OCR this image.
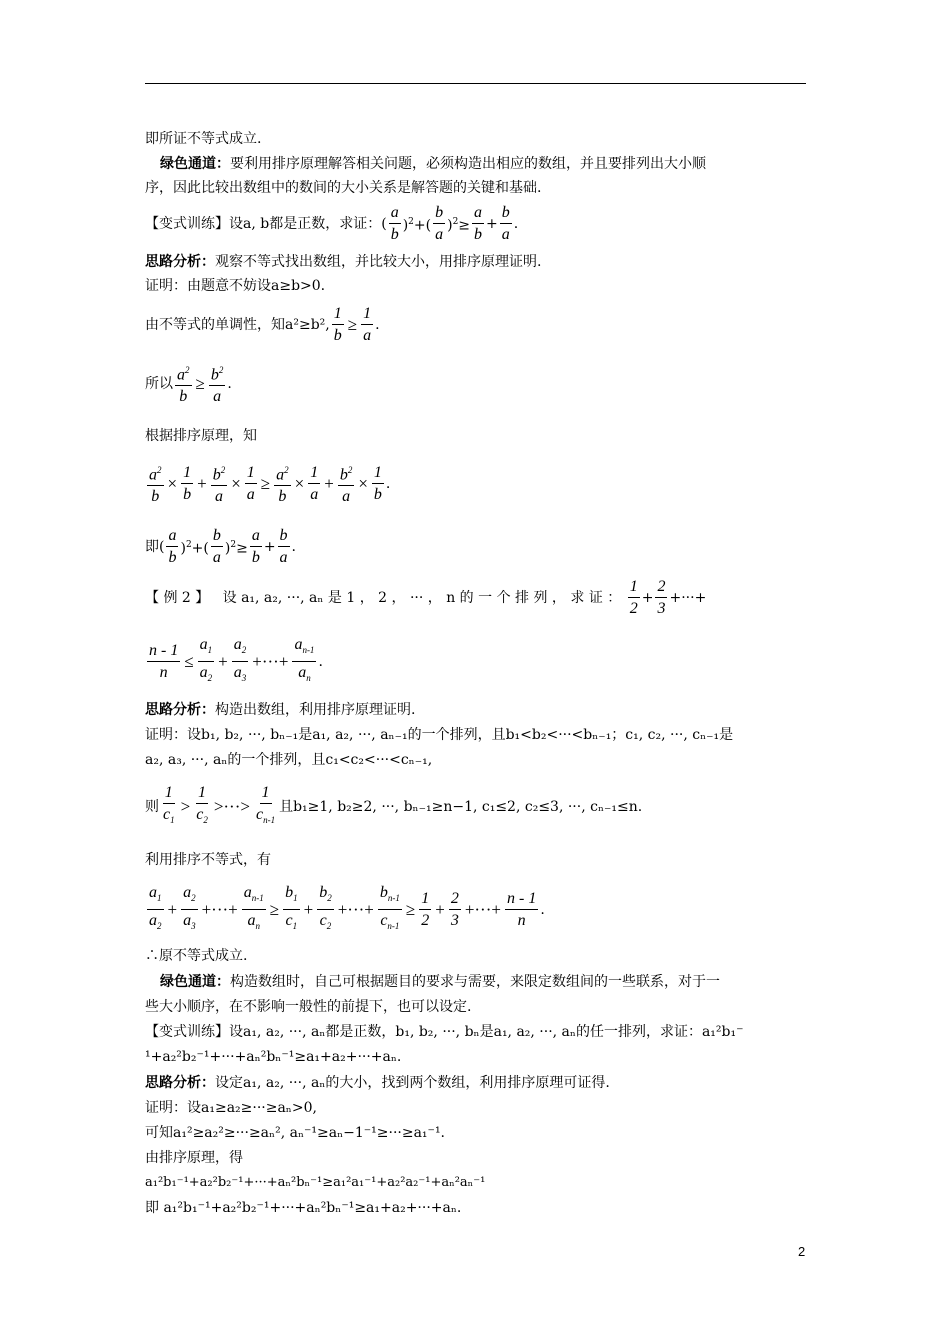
即所证不等式成立.
绿色通道：要利用排序原理解答相关问题，必须构造出相应的数组，并且要排列出大小顺
序，因此比较出数组中的数间的大小关系是解答题的关键和基础.
【变式训练】 设a, b都是正数，求证： (
a
b
)$^2$+(
b
a
)$^2\ge \frac{a}{b} + \frac{b}{a}$ .
思路分析：观察不等式找出数组，并比较大小，用排序原理证明.
证明：由题意不妨设a≥b>0.
由不等式的单调性，知a²≥b², $\frac{1}{b} \ge \frac{1}{a}$ .
所以 $\frac{a^2}{b} \ge \frac{b^2}{a}$ .
根据排序原理，知
$\frac{a^2}{b} \times \frac{1}{b} + \frac{b^2}{a} \times \frac{1}{a} \ge \frac{a^2}{b} \times \frac{1}{a} + \frac{b^2}{a} \times \frac{1}{b}$ .
即 (
a
b
)$^2$+(
b
a
)$^2\ge \frac{a}{b} + \frac{b}{a}$ .
【 例 2 】
设 a₁, a₂, ···, aₙ 是 1 ， 2 ， ··· ， n 的 一 个 排 列 ， 求 证 ：

1
2
+ $\frac{2}{3}$ +···+
$\frac{n - 1}{n} \le \frac{a_1}{a_2} + \frac{a_2}{a_3}$ +···+ $\frac{a_{n-1}}{a_n}$ .
思路分析：构造出数组，利用排序原理证明.
证明：设b₁, b₂, ···, bₙ₋₁是a₁, a₂, ···, aₙ₋₁的一个排列，且b₁<b₂<···<bₙ₋₁；c₁, c₂, ···, cₙ₋₁是
a₂, a₃, ···, aₙ的一个排列，且c₁<c₂<···<cₙ₋₁,
则
1
$c_1$
>
1
$c_2$
>···>
1
$c_{n-1}$
且b₁≥1, b₂≥2, ···, bₙ₋₁≥n−1, c₁≤2, c₂≤3, ···, cₙ₋₁≤n.
利用排序不等式，有
$a_1$
$a_2$
+ $\frac{a_2}{a_3}$ +···+ $\frac{a_{n-1}}{a_n} \ge \frac{b_1}{c_1} + \frac{b_2}{c_2}$ +···+ $\frac{b_{n-1}}{c_{n-1}} \ge \frac{1}{2} + \frac{2}{3}$ +···+ $\frac{n - 1}{n}$ .
∴原不等式成立.
绿色通道：构造数组时，自己可根据题目的要求与需要，来限定数组间的一些联系，对于一
些大小顺序，在不影响一般性的前提下，也可以设定.
【变式训练】设a₁, a₂, ···, aₙ都是正数，b₁, b₂, ···, bₙ是a₁, a₂, ···, aₙ的任一排列，求证：a₁²b₁⁻
¹+a₂²b₂⁻¹+···+aₙ²bₙ⁻¹≥a₁+a₂+···+aₙ.
思路分析：设定a₁, a₂, ···, aₙ的大小，找到两个数组，利用排序原理可证得.
证明：设a₁≥a₂≥···≥aₙ>0,
可知a₁²≥a₂²≥···≥aₙ², aₙ⁻¹≥aₙ−1⁻¹≥···≥a₁⁻¹.
由排序原理，得
a₁²b₁⁻¹+a₂²b₂⁻¹+···+aₙ²bₙ⁻¹≥a₁²a₁⁻¹+a₂²a₂⁻¹+aₙ²aₙ⁻¹
即 a₁²b₁⁻¹+a₂²b₂⁻¹+···+aₙ²bₙ⁻¹≥a₁+a₂+···+aₙ.
2
